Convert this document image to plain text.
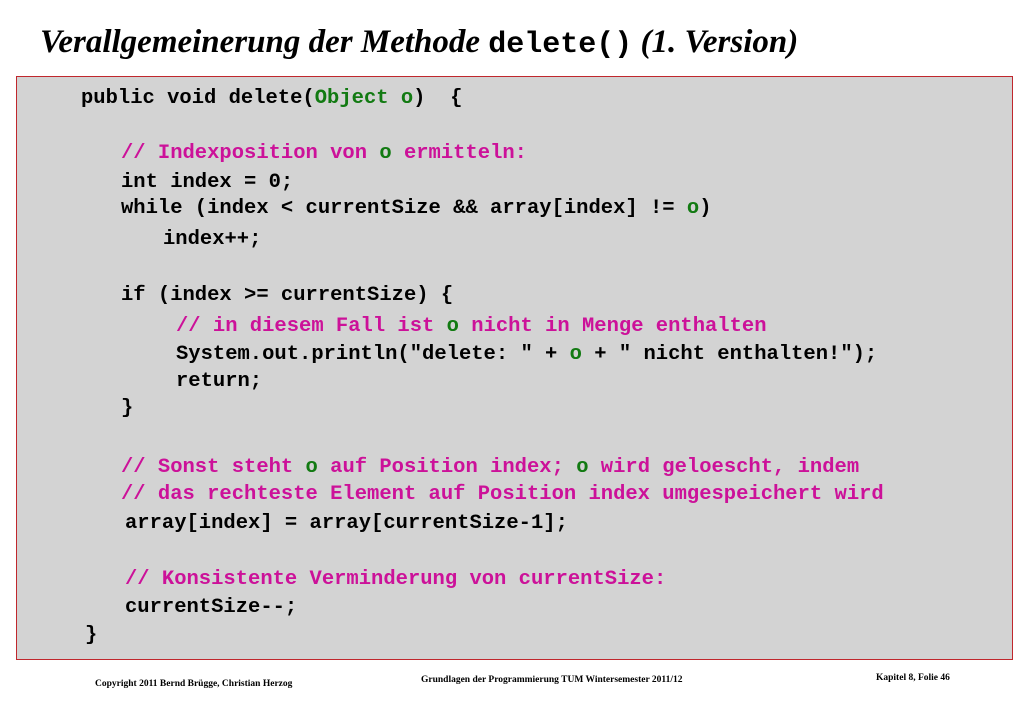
Verallgemeinerung der Methode delete() (1. Version)
public void delete(Object o)  {
// Indexposition von o ermitteln:
int index = 0;
while (index < currentSize && array[index] != o)
index++;
if (index >= currentSize) {
// in diesem Fall ist o nicht in Menge enthalten
System.out.println("delete: " + o + " nicht enthalten!");
return;
}
// Sonst steht o auf Position index; o wird geloescht, indem
// das rechteste Element auf Position index umgespeichert wird
array[index] = array[currentSize-1];
// Konsistente Verminderung von currentSize:
currentSize--;
}
Copyright 2011 Bernd Brügge, Christian Herzog	Grundlagen der Programmierung TUM Wintersemester 2011/12	Kapitel 8, Folie 46
